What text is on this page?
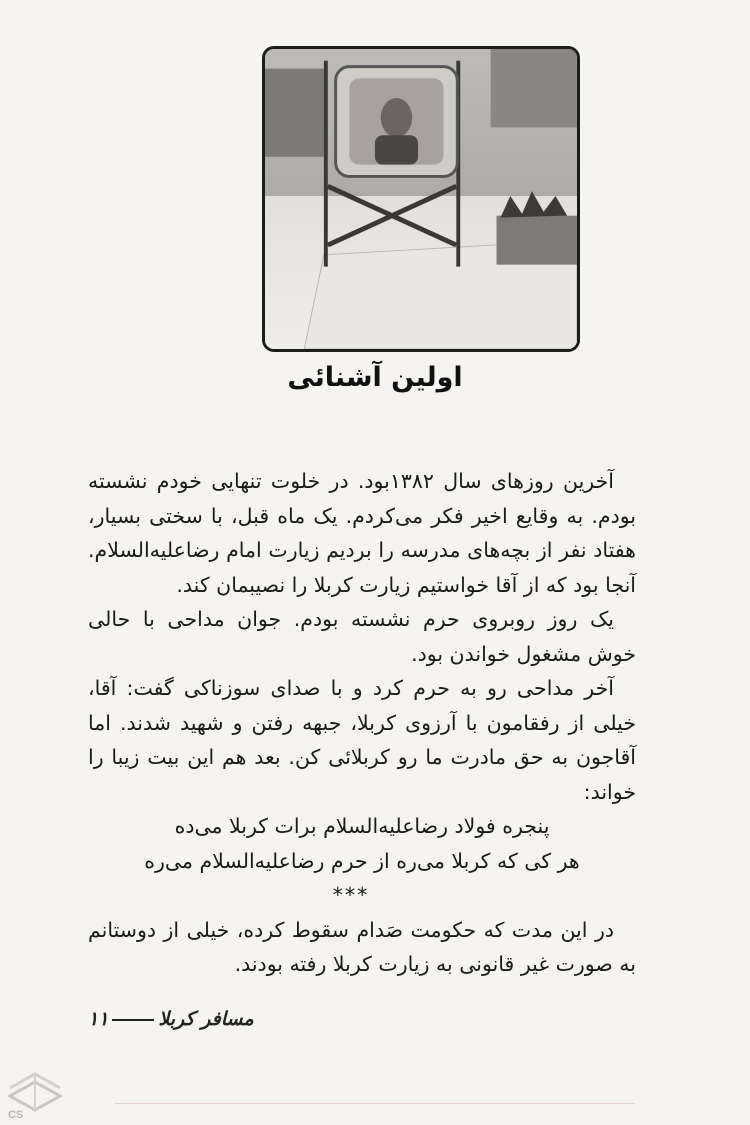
اولین آشنائی

آخرین روزهای سال ۱۳۸۲بود. در خلوت تنهایی خودم نشسته بودم. به وقایع اخیر فکر می‌کردم. یک ماه قبل، با سختی بسیار، هفتاد نفر از بچه‌های مدرسه را بردیم زیارت امام رضاعلیه‌السلام. آنجا بود که از آقا خواستیم زیارت کربلا را نصیبمان کند.

یک روز روبروی حرم نشسته بودم. جوان مداحی با حالی خوش مشغول خواندن بود.

آخر مداحی رو به حرم کرد و با صدای سوزناکی گفت: آقا، خیلی از رفقامون با آرزوی کربلا، جبهه رفتن و شهید شدند. اما آقاجون به حق مادرت ما رو کربلائی کن. بعد هم این بیت زیبا را خواند:

پنجره فولاد رضاعلیه‌السلام برات کربلا می‌ده
هر کی که کربلا می‌ره از حرم رضاعلیه‌السلام می‌ره

***

در این مدت که حکومت صَدام سقوط کرده، خیلی از دوستانم به صورت غیر قانونی به زیارت کربلا رفته بودند.

مسافر کربلا۱۱
CS
